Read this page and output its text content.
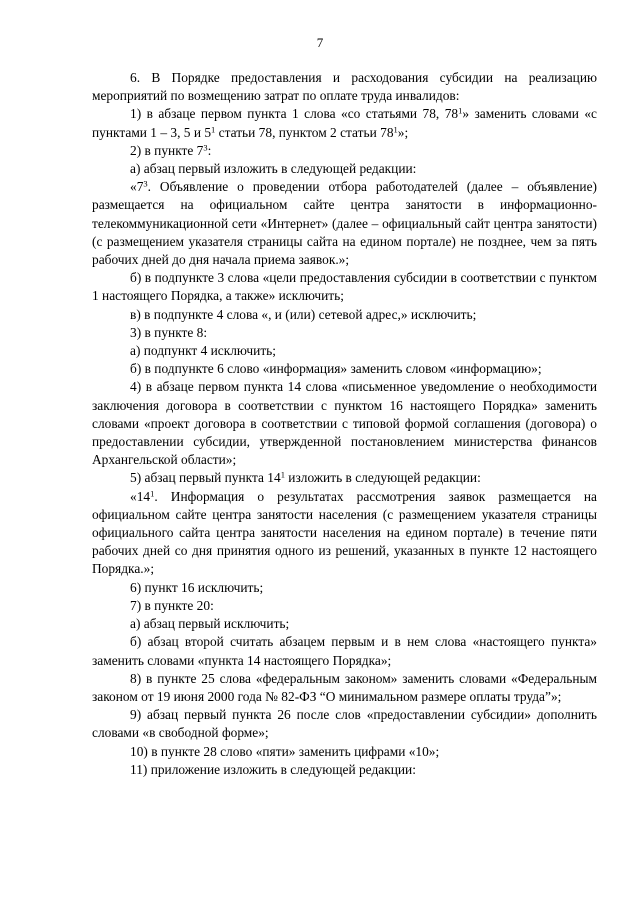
7

6. В Порядке предоставления и расходования субсидии на реализацию мероприятий по возмещению затрат по оплате труда инвалидов:

1) в абзаце первом пункта 1 слова «со статьями 78, $78^1$» заменить словами «с пунктами 1 – 3, 5 и $5^1$ статьи 78, пунктом 2 статьи $78^1$»;

2) в пункте $7^3$:

а) абзац первый изложить в следующей редакции:

«$7^3$. Объявление о проведении отбора работодателей (далее – объявление) размещается на официальном сайте центра занятости в информационно-телекоммуникационной сети «Интернет» (далее – официальный сайт центра занятости) (с размещением указателя страницы сайта на едином портале) не позднее, чем за пять рабочих дней до дня начала приема заявок.»;

б) в подпункте 3 слова «цели предоставления субсидии в соответствии с пунктом 1 настоящего Порядка, а также» исключить;

в) в подпункте 4 слова «, и (или) сетевой адрес,» исключить;

3) в пункте 8:

а) подпункт 4 исключить;

б) в подпункте 6 слово «информация» заменить словом «информацию»;

4) в абзаце первом пункта 14 слова «письменное уведомление о необходимости заключения договора в соответствии с пунктом 16 настоящего Порядка» заменить словами «проект договора в соответствии с типовой формой соглашения (договора) о предоставлении субсидии, утвержденной постановлением министерства финансов Архангельской области»;

5) абзац первый пункта $14^1$ изложить в следующей редакции:

«$14^1$. Информация о результатах рассмотрения заявок размещается на официальном сайте центра занятости населения (с размещением указателя страницы официального сайта центра занятости населения на едином портале) в течение пяти рабочих дней со дня принятия одного из решений, указанных в пункте 12 настоящего Порядка.»;

6) пункт 16 исключить;

7) в пункте 20:

а) абзац первый исключить;

б) абзац второй считать абзацем первым и в нем слова «настоящего пункта» заменить словами «пункта 14 настоящего Порядка»;

8) в пункте 25 слова «федеральным законом» заменить словами «Федеральным законом от 19 июня 2000 года № 82-ФЗ “О минимальном размере оплаты труда”»;

9) абзац первый пункта 26 после слов «предоставлении субсидии» дополнить словами «в свободной форме»;

10) в пункте 28 слово «пяти» заменить цифрами «10»;

11) приложение изложить в следующей редакции:
